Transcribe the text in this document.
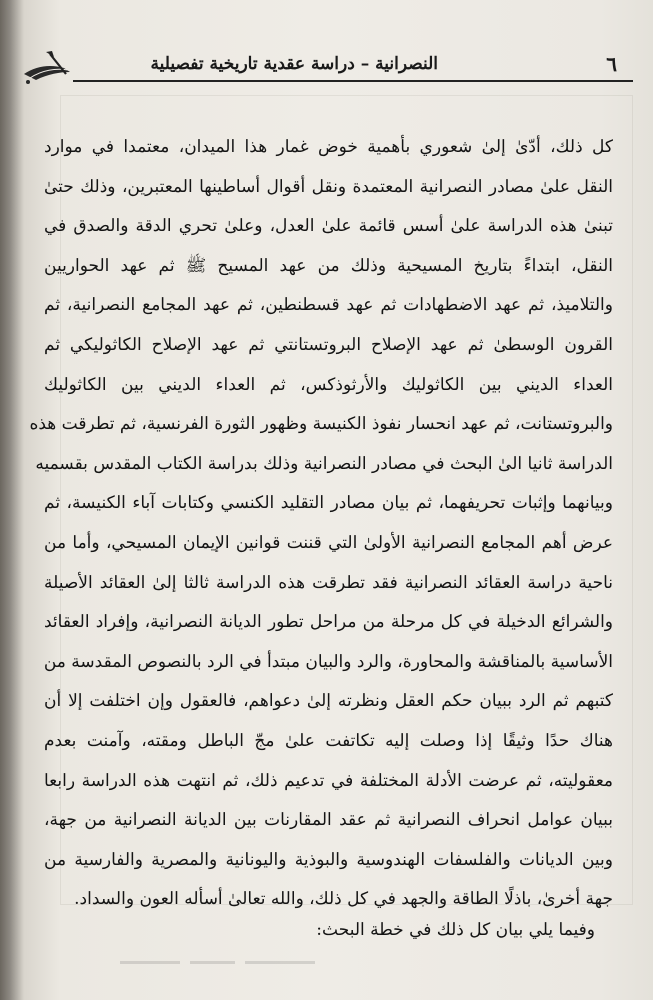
٦
النصرانية – دراسة عقدية تاريخية تفصيلية
كل ذلك، أدّىٰ إلىٰ شعوري بأهمية خوض غمار هذا الميدان، معتمدا في موارد
النقل علىٰ مصادر النصرانية المعتمدة ونقل أقوال أساطينها المعتبرين، وذلك حتىٰ
تبنىٰ هذه الدراسة علىٰ أسس قائمة علىٰ العدل، وعلىٰ تحري الدقة والصدق في
النقل، ابتداءً بتاريخ المسيحية وذلك من عهد المسيح ﷺ ثم عهد الحواريين
والتلاميذ، ثم عهد الاضطهادات ثم عهد قسطنطين، ثم عهد المجامع النصرانية، ثم
القرون الوسطىٰ ثم عهد الإصلاح البروتستانتي ثم عهد الإصلاح الكاثوليكي ثم
العداء الديني بين الكاثوليك والأرثوذكس، ثم العداء الديني بين الكاثوليك
والبروتستانت، ثم عهد انحسار نفوذ الكنيسة وظهور الثورة الفرنسية، ثم تطرقت هذه
الدراسة ثانيا الىٰ البحث في مصادر النصرانية وذلك بدراسة الكتاب المقدس بقسميه
وبيانهما وإثبات تحريفهما، ثم بيان مصادر التقليد الكنسي وكتابات آباء الكنيسة، ثم
عرض أهم المجامع النصرانية الأولىٰ التي قننت قوانين الإيمان المسيحي، وأما من
ناحية دراسة العقائد النصرانية فقد تطرقت هذه الدراسة ثالثا إلىٰ العقائد الأصيلة
والشرائع الدخيلة في كل مرحلة من مراحل تطور الديانة النصرانية، وإفراد العقائد
الأساسية بالمناقشة والمحاورة، والرد والبيان مبتدأ في الرد بالنصوص المقدسة من
كتبهم ثم الرد ببيان حكم العقل ونظرته إلىٰ دعواهم، فالعقول وإن اختلفت إلا أن
هناك حدًا وثيقًا إذا وصلت إليه تكاتفت علىٰ مجّ الباطل ومقته، وآمنت بعدم
معقوليته، ثم عرضت الأدلة المختلفة في تدعيم ذلك، ثم انتهت هذه الدراسة رابعا
ببيان عوامل انحراف النصرانية ثم عقد المقارنات بين الديانة النصرانية من جهة،
وبين الديانات والفلسفات الهندوسية والبوذية واليونانية والمصرية والفارسية من
جهة أخرىٰ، باذلًا الطاقة والجهد في كل ذلك، والله تعالىٰ أسأله العون والسداد.
وفيما يلي بيان كل ذلك في خطة البحث:
